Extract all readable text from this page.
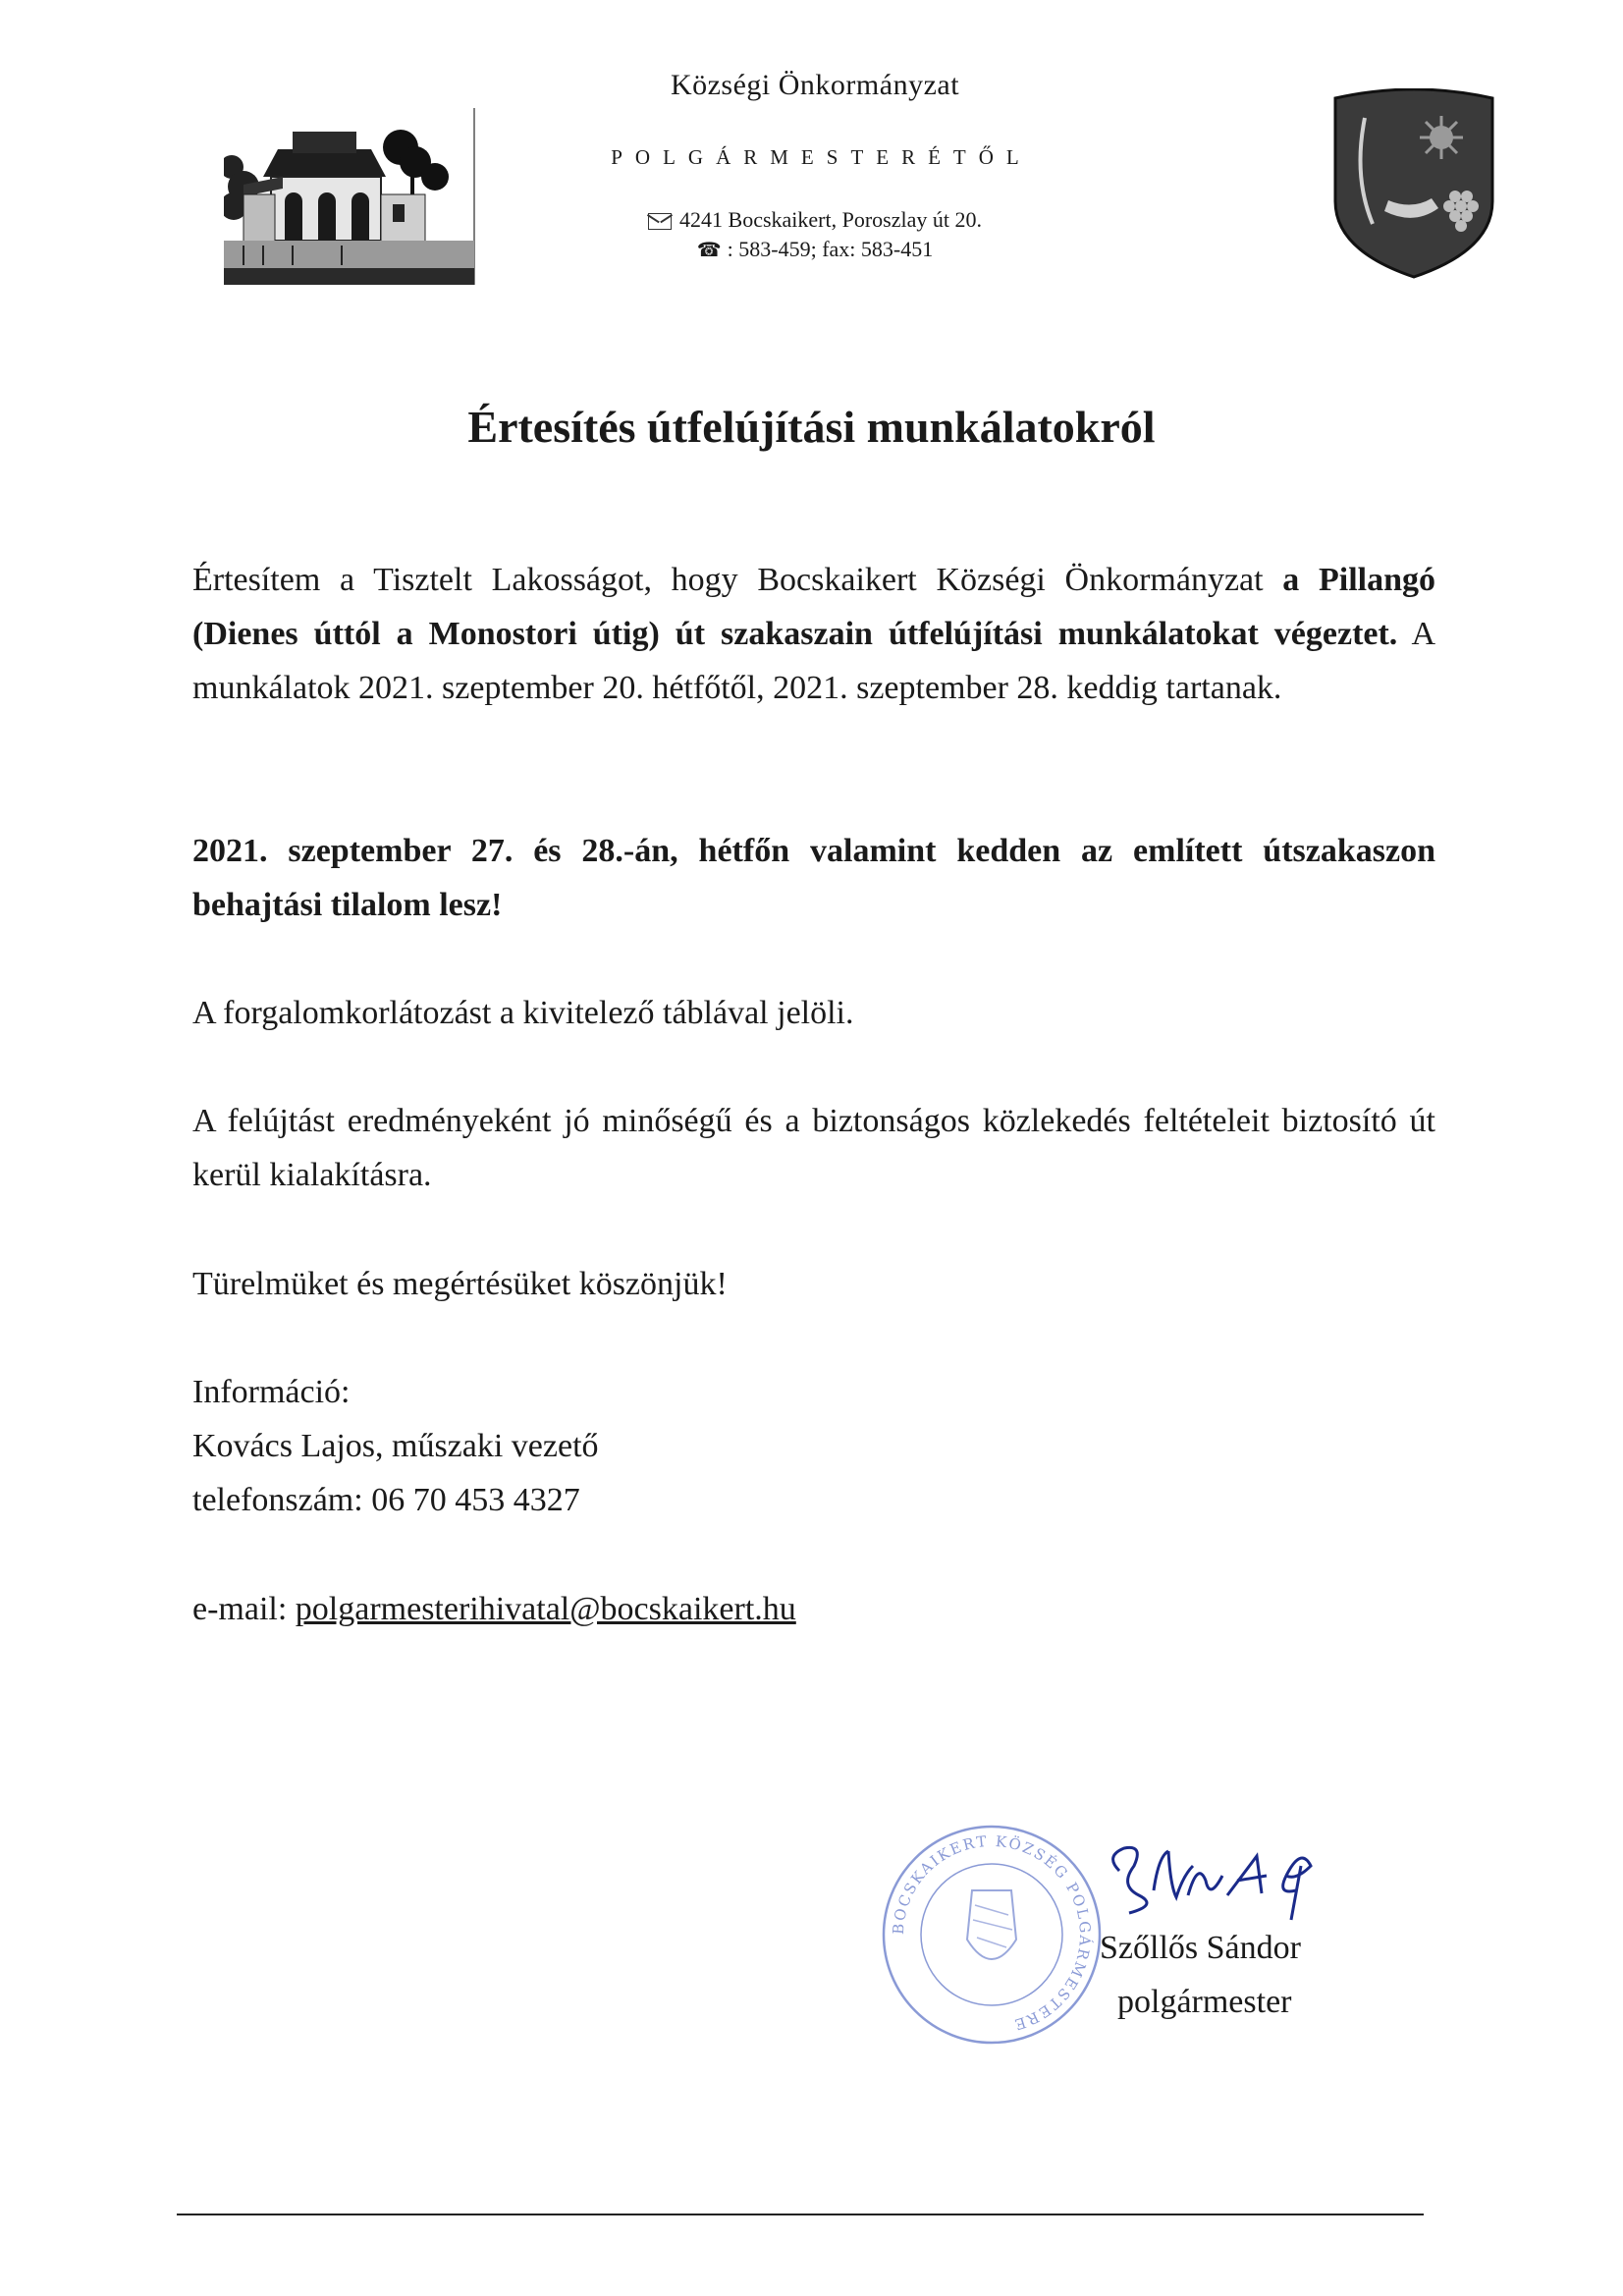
Községi Önkormányzat
POLGÁRMESTERÉTŐL
4241 Bocskaikert, Poroszlay út 20.
☎ : 583-459; fax: 583-451
Értesítés útfelújítási munkálatokról
Értesítem a Tisztelt Lakosságot, hogy Bocskaikert Községi Önkormányzat a Pillangó (Dienes úttól a Monostori útig) út szakaszain útfelújítási munkálatokat végeztet. A munkálatok 2021. szeptember 20. hétfőtől, 2021. szeptember 28. keddig tartanak.
2021. szeptember 27. és 28.-án, hétfőn valamint kedden az említett útszakaszon behajtási tilalom lesz!
A forgalomkorlátozást a kivitelező táblával jelöli.
A felújtást eredményeként jó minőségű és a biztonságos közlekedés feltételeit biztosító út kerül kialakításra.
Türelmüket és megértésüket köszönjük!
Információ:
Kovács Lajos, műszaki vezető
telefonszám: 06 70 453 4327
e-mail: polgarmesterihivatal@bocskaikert.hu
BOCSKAIKERT KÖZSÉG POLGÁRMESTERE
Szőllős Sándor
polgármester
